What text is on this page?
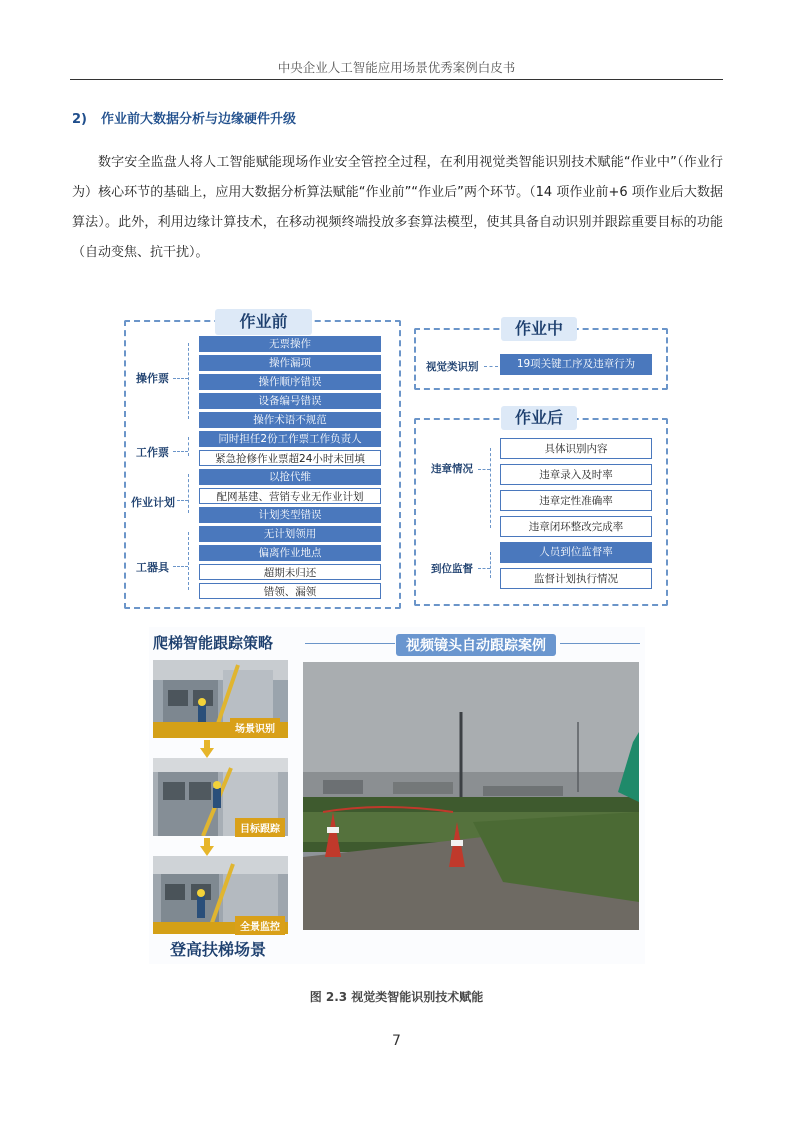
中央企业人工智能应用场景优秀案例白皮书
2) 作业前大数据分析与边缘硬件升级

数字安全监盘人将人工智能赋能现场作业安全管控全过程，在利用视觉类智能识别技术赋能“作业中”（作业行为）核心环节的基础上，应用大数据分析算法赋能“作业前”“作业后”两个环节。（14 项作业前+6 项作业后大数据算法）。此外，利用边缘计算技术，在移动视频终端投放多套算法模型，使其具备自动识别并跟踪重要目标的功能（自动变焦、抗干扰）。

作业前
操作票
工作票
作业计划
工器具
无票操作
操作漏项
操作顺序错误
设备编号错误
操作术语不规范
同时担任2份工作票工作负责人
紧急抢修作业票超24小时未回填
以抢代维
配网基建、营销专业无作业计划
计划类型错误
无计划领用
偏离作业地点
超期未归还
错领、漏领
作业中
视觉类识别	19项关键工序及违章行为
作业后
违章情况
到位监督
具体识别内容
违章录入及时率
违章定性准确率
违章闭环整改完成率
人员到位监督率
监督计划执行情况
爬梯智能跟踪策略	视频镜头自动跟踪案例
场景识别
目标跟踪
全景监控
登高扶梯场景
图 2.3 视觉类智能识别技术赋能
7
